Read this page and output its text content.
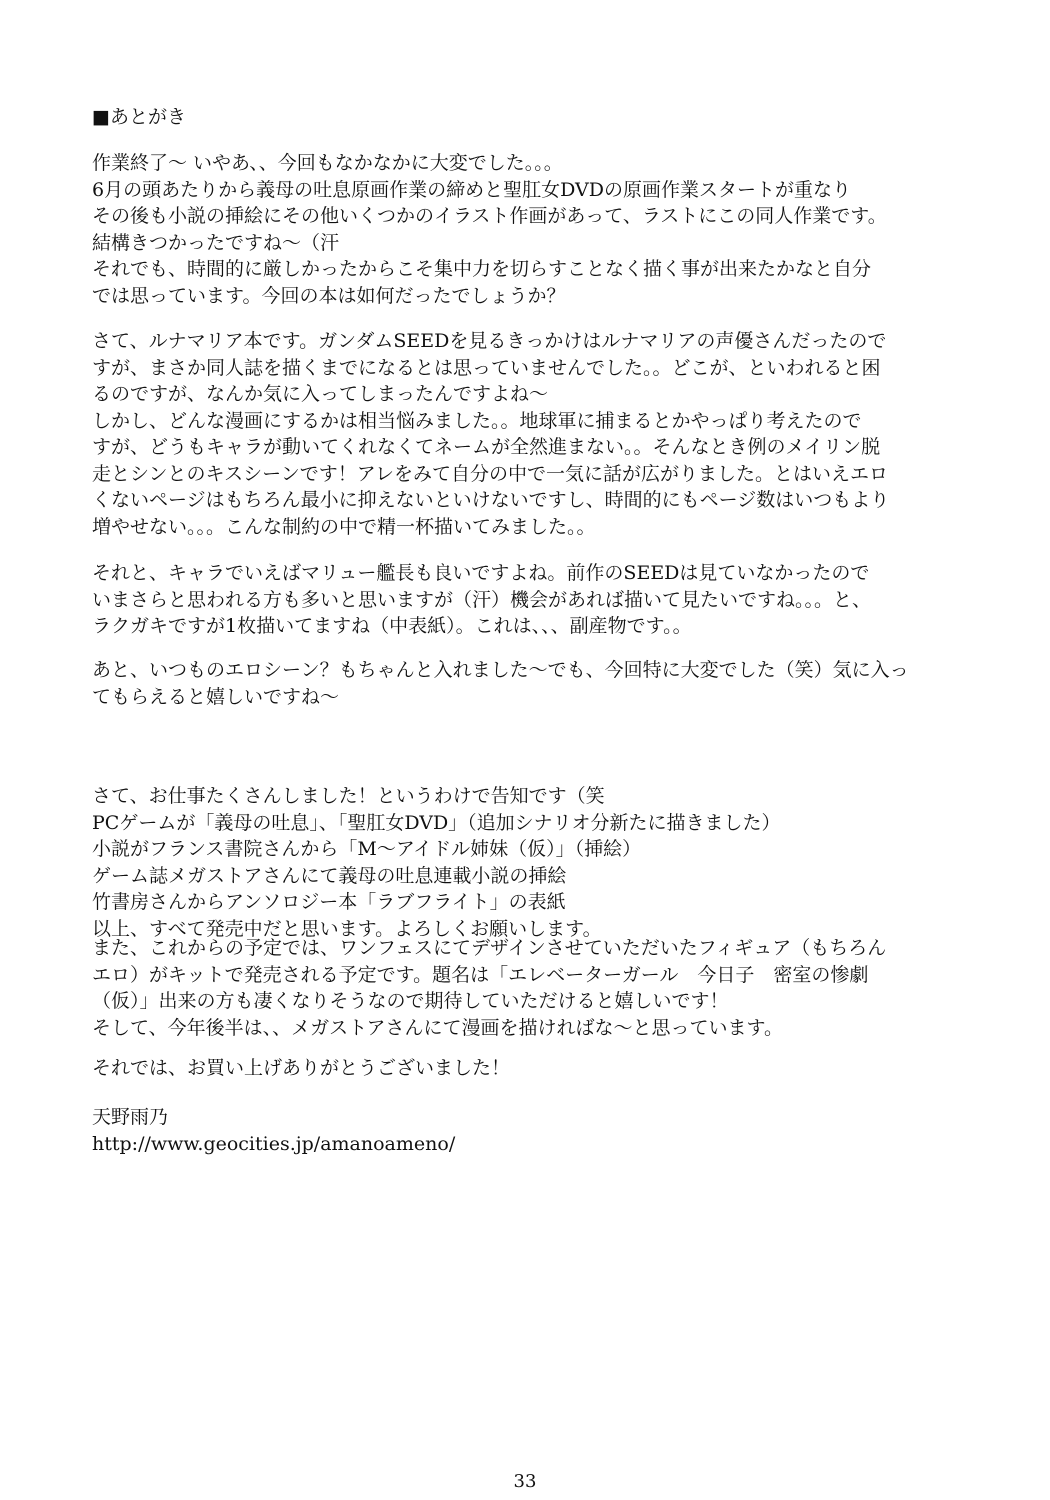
■あとがき
作業終了～ いやあ、、今回もなかなかに大変でした。。。
6月の頭あたりから義母の吐息原画作業の締めと聖肛女DVDの原画作業スタートが重なり
その後も小説の挿絵にその他いくつかのイラスト作画があって、ラストにこの同人作業です。
結構きつかったですね～（汗
それでも、時間的に厳しかったからこそ集中力を切らすことなく描く事が出来たかなと自分
では思っています。今回の本は如何だったでしょうか？
さて、ルナマリア本です。ガンダムSEEDを見るきっかけはルナマリアの声優さんだったので
すが、まさか同人誌を描くまでになるとは思っていませんでした。。どこが、といわれると困
るのですが、なんか気に入ってしまったんですよね～
しかし、どんな漫画にするかは相当悩みました。。地球軍に捕まるとかやっぱり考えたので
すが、どうもキャラが動いてくれなくてネームが全然進まない。。そんなとき例のメイリン脱
走とシンとのキスシーンです！アレをみて自分の中で一気に話が広がりました。とはいえエロ
くないページはもちろん最小に抑えないといけないですし、時間的にもページ数はいつもより
増やせない。。。こんな制約の中で精一杯描いてみました。。
それと、キャラでいえばマリュー艦長も良いですよね。前作のSEEDは見ていなかったので
いまさらと思われる方も多いと思いますが（汗）機会があれば描いて見たいですね。。。と、
ラクガキですが1枚描いてますね（中表紙）。これは、、、副産物です。。
あと、いつものエロシーン？もちゃんと入れました～でも、今回特に大変でした（笑）気に入っ
てもらえると嬉しいですね～
さて、お仕事たくさんしました！というわけで告知です（笑
PCゲームが「義母の吐息」、「聖肛女DVD」（追加シナリオ分新たに描きました）
小説がフランス書院さんから「M～アイドル姉妹（仮）」（挿絵）
ゲーム誌メガストアさんにて義母の吐息連載小説の挿絵
竹書房さんからアンソロジー本「ラブフライト」の表紙
以上、すべて発売中だと思います。よろしくお願いします。
また、これからの予定では、ワンフェスにてデザインさせていただいたフィギュア（もちろん
エロ）がキットで発売される予定です。題名は「エレベーターガール　今日子　密室の惨劇
（仮）」出来の方も凄くなりそうなので期待していただけると嬉しいです！
そして、今年後半は、、メガストアさんにて漫画を描ければな～と思っています。
それでは、お買い上げありがとうございました！
天野雨乃
http://www.geocities.jp/amanoameno/
33
